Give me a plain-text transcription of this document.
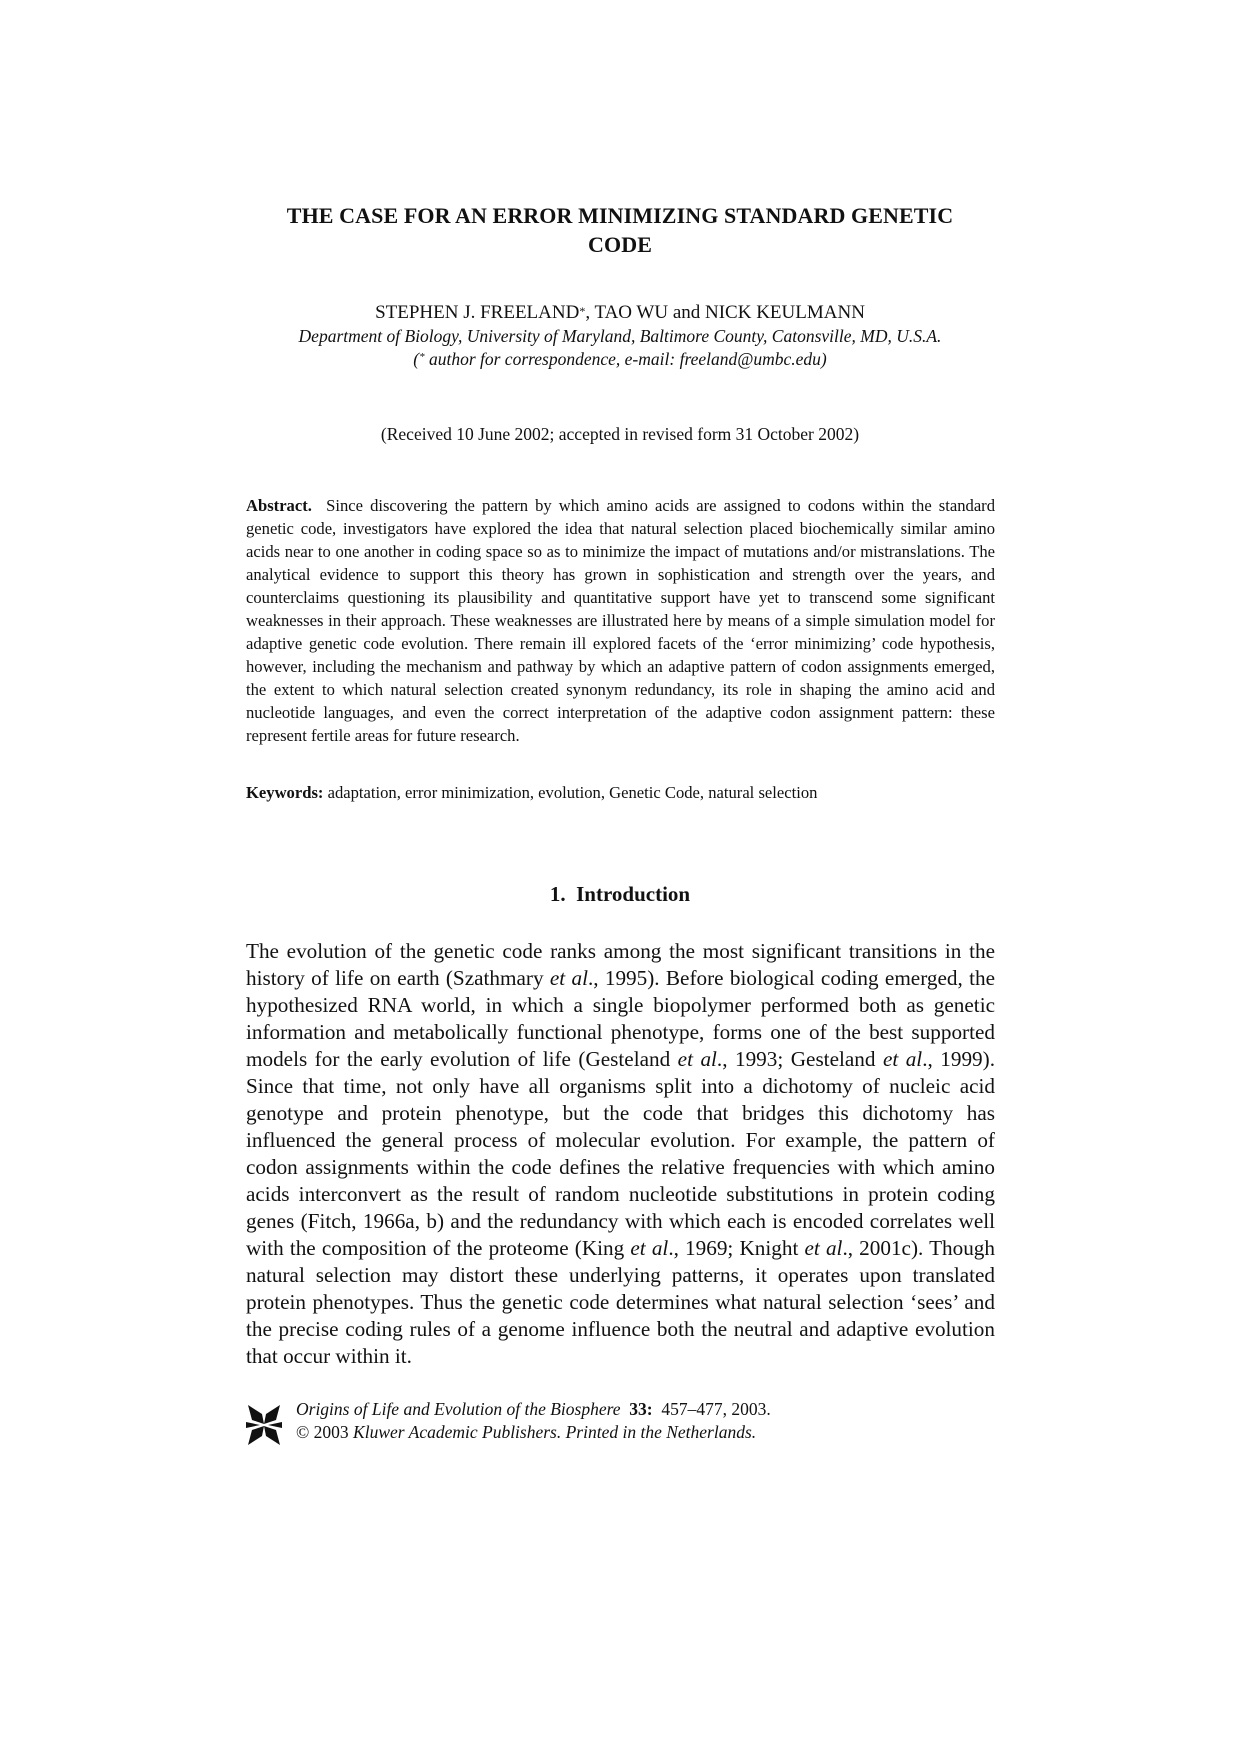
THE CASE FOR AN ERROR MINIMIZING STANDARD GENETIC
CODE
STEPHEN J. FREELAND*, TAO WU and NICK KEULMANN
Department of Biology, University of Maryland, Baltimore County, Catonsville, MD, U.S.A.
(* author for correspondence, e-mail: freeland@umbc.edu)
(Received 10 June 2002; accepted in revised form 31 October 2002)
Abstract. Since discovering the pattern by which amino acids are assigned to codons within the standard genetic code, investigators have explored the idea that natural selection placed biochemically similar amino acids near to one another in coding space so as to minimize the impact of mutations and/or mistranslations. The analytical evidence to support this theory has grown in sophistication and strength over the years, and counterclaims questioning its plausibility and quantitative support have yet to transcend some significant weaknesses in their approach. These weaknesses are illustrated here by means of a simple simulation model for adaptive genetic code evolution. There remain ill explored facets of the ‘error minimizing’ code hypothesis, however, including the mechanism and pathway by which an adaptive pattern of codon assignments emerged, the extent to which natural selection created synonym redundancy, its role in shaping the amino acid and nucleotide languages, and even the correct interpretation of the adaptive codon assignment pattern: these represent fertile areas for future research.
Keywords: adaptation, error minimization, evolution, Genetic Code, natural selection
1. Introduction
The evolution of the genetic code ranks among the most significant transitions in the history of life on earth (Szathmary et al., 1995). Before biological coding emerged, the hypothesized RNA world, in which a single biopolymer performed both as genetic information and metabolically functional phenotype, forms one of the best supported models for the early evolution of life (Gesteland et al., 1993; Gesteland et al., 1999). Since that time, not only have all organisms split into a dichotomy of nucleic acid genotype and protein phenotype, but the code that bridges this dichotomy has influenced the general process of molecular evolution. For example, the pattern of codon assignments within the code defines the relative frequencies with which amino acids interconvert as the result of random nucleotide substitutions in protein coding genes (Fitch, 1966a, b) and the redundancy with which each is encoded correlates well with the composition of the proteome (King et al., 1969; Knight et al., 2001c). Though natural selection may distort these underlying patterns, it operates upon translated protein phenotypes. Thus the genetic code determines what natural selection ‘sees’ and the precise coding rules of a genome influence both the neutral and adaptive evolution that occur within it.
Origins of Life and Evolution of the Biosphere 33: 457–477, 2003.
© 2003 Kluwer Academic Publishers. Printed in the Netherlands.
